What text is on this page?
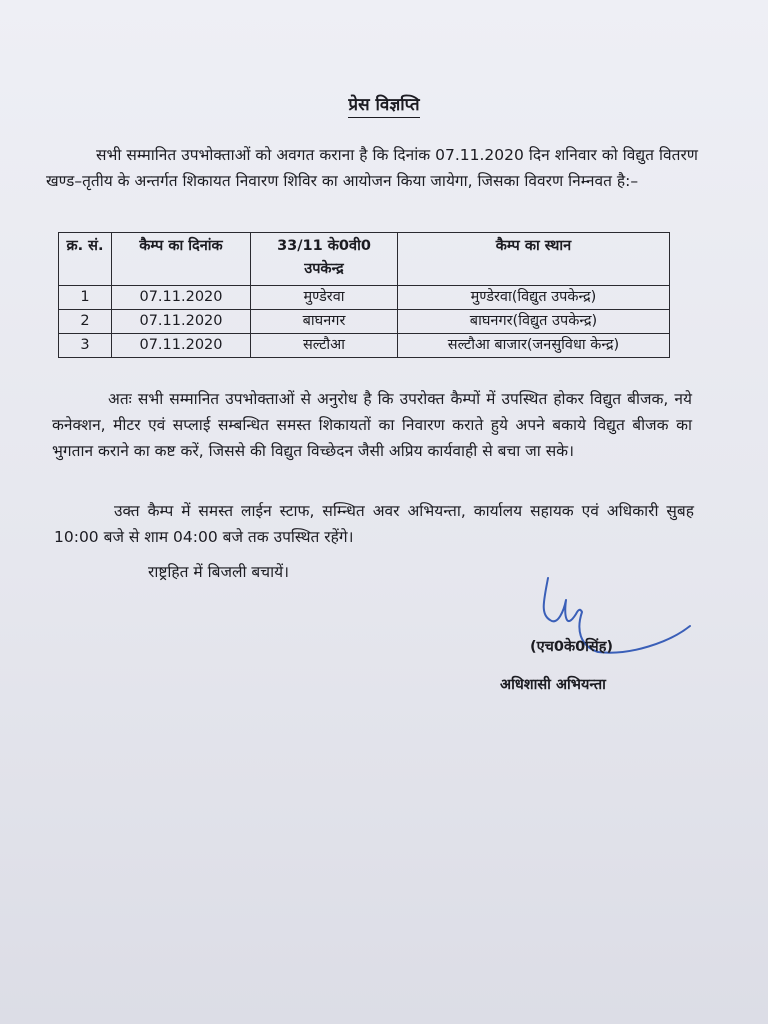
प्रेस विज्ञप्ति

सभी सम्मानित उपभोक्ताओं को अवगत कराना है कि दिनांक 07.11.2020 दिन शनिवार को विद्युत वितरण खण्ड–तृतीय के अन्तर्गत शिकायत निवारण शिविर का आयोजन किया जायेगा, जिसका विवरण निम्नवत है:–

क्र. सं.	कैम्प का दिनांक	33/11 के0वी0 उपकेन्द्र	कैम्प का स्थान
1	07.11.2020	मुण्डेरवा	मुण्डेरवा(विद्युत उपकेन्द्र)
2	07.11.2020	बाघनगर	बाघनगर(विद्युत उपकेन्द्र)
3	07.11.2020	सल्टौआ	सल्टौआ बाजार(जनसुविधा केन्द्र)

अतः सभी सम्मानित उपभोक्ताओं से अनुरोध है कि उपरोक्त कैम्पों में उपस्थित होकर विद्युत बीजक, नये कनेक्शन, मीटर एवं सप्लाई सम्बन्धित समस्त शिकायतों का निवारण कराते हुये अपने बकाये विद्युत बीजक का भुगतान कराने का कष्ट करें, जिससे की विद्युत विच्छेदन जैसी अप्रिय कार्यवाही से बचा जा सके।

उक्त कैम्प में समस्त लाईन स्टाफ, सम्न्धित अवर अभियन्ता, कार्यालय सहायक एवं अधिकारी सुबह 10:00 बजे से शाम 04:00 बजे तक उपस्थित रहेंगे।

राष्ट्रहित में बिजली बचायें।

(एच0के0सिंह)
अधिशासी अभियन्ता
